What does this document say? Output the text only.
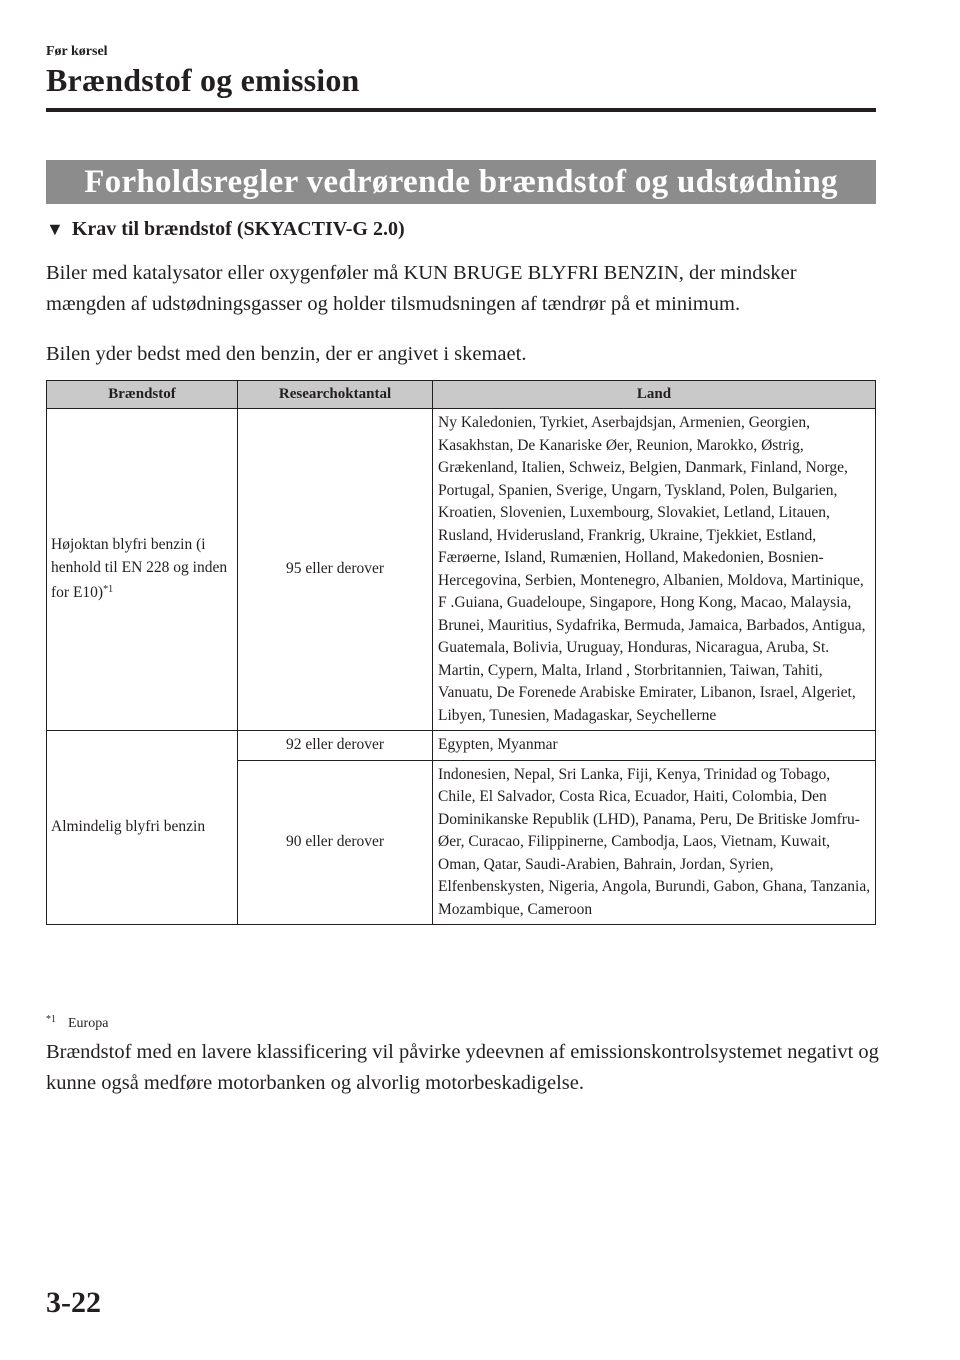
Før kørsel
Brændstof og emission
Forholdsregler vedrørende brændstof og udstødning
▼ Krav til brændstof (SKYACTIV-G 2.0)
Biler med katalysator eller oxygenføler må KUN BRUGE BLYFRI BENZIN, der mindsker mængden af udstødningsgasser og holder tilsmudsningen af tændrør på et minimum.
Bilen yder bedst med den benzin, der er angivet i skemaet.
Brændstof	Researchoktantal	Land
Højoktan blyfri benzin (i henhold til EN 228 og inden for E10)$^{*1}$	95 eller derover	Ny Kaledonien, Tyrkiet, Aserbajdsjan, Armenien, Georgien, Kasakhstan, De Kanariske Øer, Reunion, Marokko, Østrig, Grækenland, Italien, Schweiz, Belgien, Danmark, Finland, Norge, Portugal, Spanien, Sverige, Ungarn, Tyskland, Polen, Bulgarien, Kroatien, Slovenien, Luxembourg, Slovakiet, Letland, Litauen, Rusland, Hviderusland, Frankrig, Ukraine, Tjekkiet, Estland, Færøerne, Island, Rumænien, Holland, Makedonien, Bosnien-Hercegovina, Serbien, Montenegro, Albanien, Moldova, Martinique, F .Guiana, Guadeloupe, Singapore, Hong Kong, Macao, Malaysia, Brunei, Mauritius, Sydafrika, Bermuda, Jamaica, Barbados, Antigua, Guatemala, Bolivia, Uruguay, Honduras, Nicaragua, Aruba, St. Martin, Cypern, Malta, Irland , Storbritannien, Taiwan, Tahiti, Vanuatu, De Forenede Arabiske Emirater, Libanon, Israel, Algeriet, Libyen, Tunesien, Madagaskar, Seychellerne
Almindelig blyfri benzin	92 eller derover	Egypten, Myanmar
	90 eller derover	Indonesien, Nepal, Sri Lanka, Fiji, Kenya, Trinidad og Tobago, Chile, El Salvador, Costa Rica, Ecuador, Haiti, Colombia, Den Dominikanske Republik (LHD), Panama, Peru, De Britiske Jomfru-Øer, Curacao, Filippinerne, Cambodja, Laos, Vietnam, Kuwait, Oman, Qatar, Saudi-Arabien, Bahrain, Jordan, Syrien, Elfenbenskysten, Nigeria, Angola, Burundi, Gabon, Ghana, Tanzania, Mozambique, Cameroon
$^{*1}$ Europa
Brændstof med en lavere klassificering vil påvirke ydeevnen af emissionskontrolsystemet negativt og kunne også medføre motorbanken og alvorlig motorbeskadigelse.
3-22
